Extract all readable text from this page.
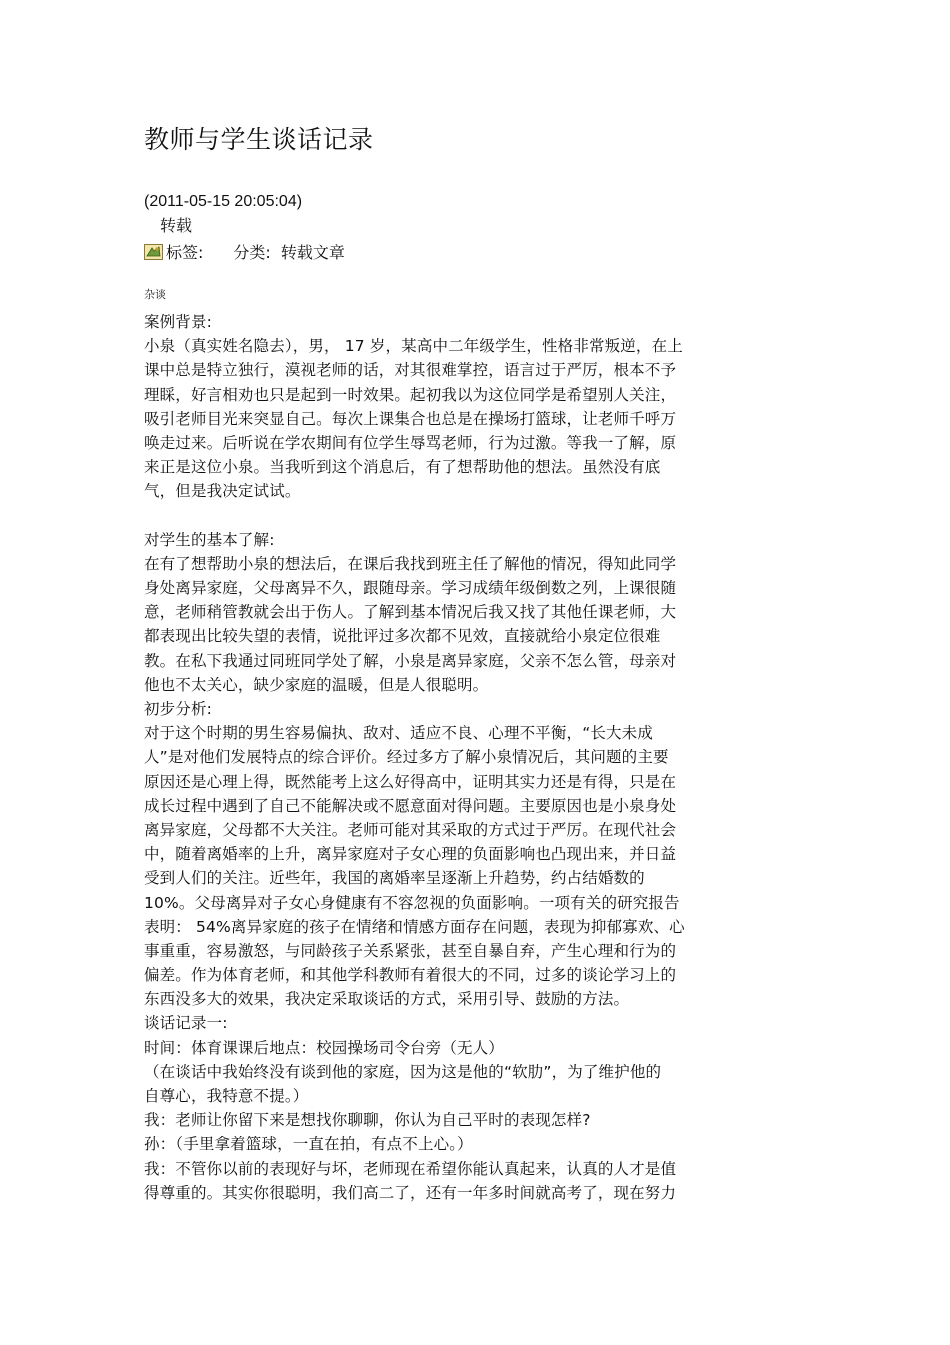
教师与学生谈话记录
(2011-05-15 20:05:04)
转载
标签: 分类: 转载文章
杂谈
案例背景:
小泉（真实姓名隐去），男， 17 岁，某高中二年级学生，性格非常叛逆，在上
课中总是特立独行，漠视老师的话，对其很难掌控，语言过于严厉，根本不予
理睬，好言相劝也只是起到一时效果。起初我以为这位同学是希望别人关注，
吸引老师目光来突显自己。每次上课集合也总是在操场打篮球，让老师千呼万
唤走过来。后听说在学农期间有位学生辱骂老师，行为过激。等我一了解，原
来正是这位小泉。当我听到这个消息后，有了想帮助他的想法。虽然没有底
气，但是我决定试试。
对学生的基本了解:
在有了想帮助小泉的想法后，在课后我找到班主任了解他的情况，得知此同学
身处离异家庭，父母离异不久，跟随母亲。学习成绩年级倒数之列，上课很随
意，老师稍管教就会出于伤人。了解到基本情况后我又找了其他任课老师，大
都表现出比较失望的表情，说批评过多次都不见效，直接就给小泉定位很难
教。在私下我通过同班同学处了解，小泉是离异家庭，父亲不怎么管，母亲对
他也不太关心，缺少家庭的温暖，但是人很聪明。
初步分析:
对于这个时期的男生容易偏执、敌对、适应不良、心理不平衡，“长大未成
人”是对他们发展特点的综合评价。经过多方了解小泉情况后，其问题的主要
原因还是心理上得，既然能考上这么好得高中，证明其实力还是有得，只是在
成长过程中遇到了自己不能解决或不愿意面对得问题。主要原因也是小泉身处
离异家庭，父母都不大关注。老师可能对其采取的方式过于严厉。在现代社会
中，随着离婚率的上升，离异家庭对子女心理的负面影响也凸现出来，并日益
受到人们的关注。近些年，我国的离婚率呈逐渐上升趋势，约占结婚数的
10%。父母离异对子女心身健康有不容忽视的负面影响。一项有关的研究报告
表明： 54%离异家庭的孩子在情绪和情感方面存在问题，表现为抑郁寡欢、心
事重重，容易激怒，与同龄孩子关系紧张，甚至自暴自弃，产生心理和行为的
偏差。作为体育老师，和其他学科教师有着很大的不同，过多的谈论学习上的
东西没多大的效果，我决定采取谈话的方式，采用引导、鼓励的方法。
谈话记录一:
时间：体育课课后地点：校园操场司令台旁（无人）
（在谈话中我始终没有谈到他的家庭，因为这是他的“软肋”，为了维护他的
自尊心，我特意不提。）
我：老师让你留下来是想找你聊聊，你认为自己平时的表现怎样?
孙：（手里拿着篮球，一直在拍，有点不上心。）
我：不管你以前的表现好与坏，老师现在希望你能认真起来，认真的人才是值
得尊重的。其实你很聪明，我们高二了，还有一年多时间就高考了，现在努力
